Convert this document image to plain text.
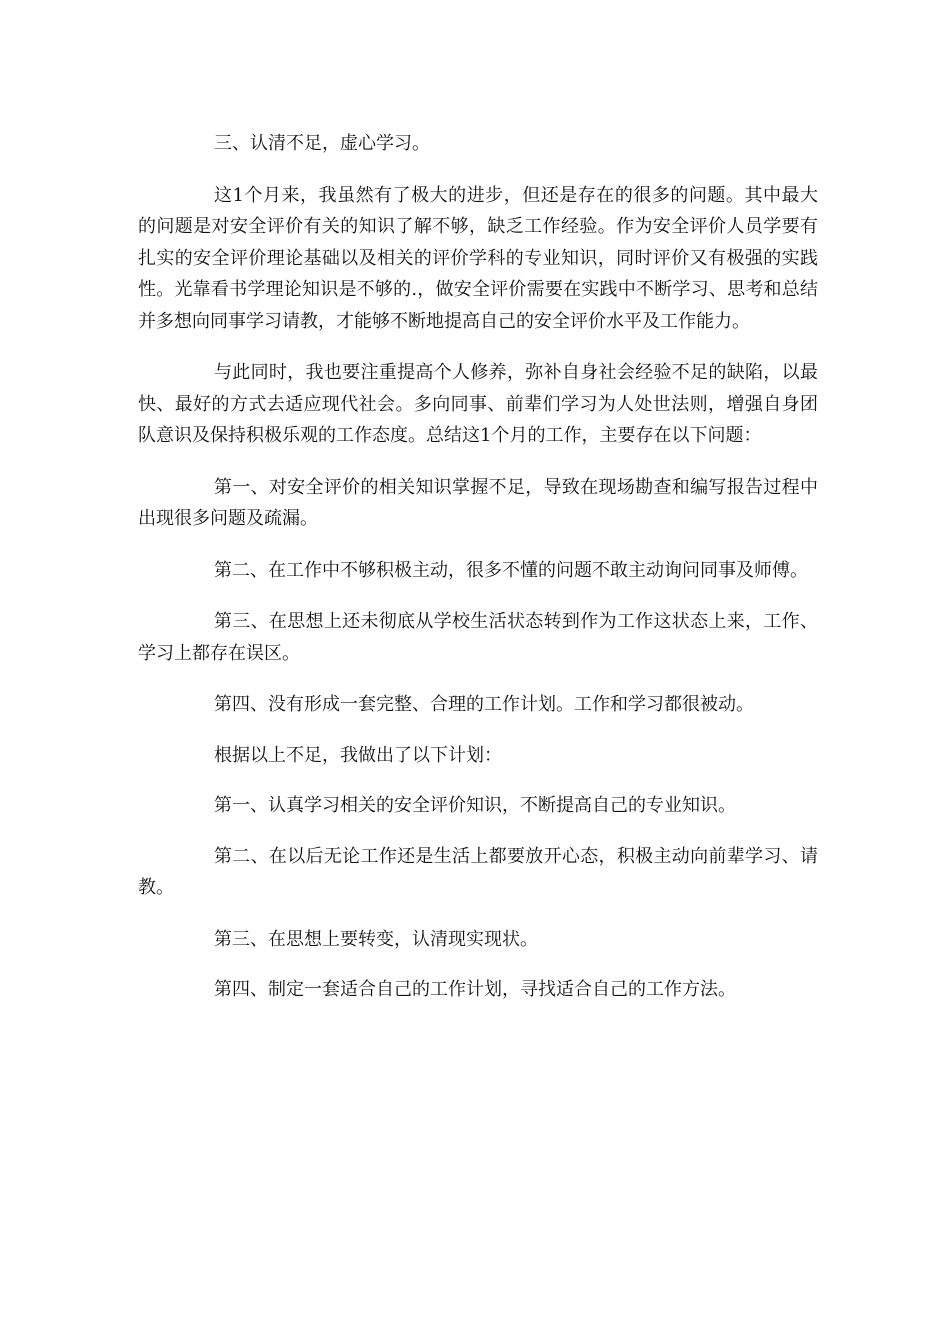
三、认清不足，虚心学习。

这1个月来，我虽然有了极大的进步，但还是存在的很多的问题。其中最大的问题是对安全评价有关的知识了解不够，缺乏工作经验。作为安全评价人员学要有扎实的安全评价理论基础以及相关的评价学科的专业知识，同时评价又有极强的实践性。光靠看书学理论知识是不够的.，做安全评价需要在实践中不断学习、思考和总结并多想向同事学习请教，才能够不断地提高自己的安全评价水平及工作能力。

与此同时，我也要注重提高个人修养，弥补自身社会经验不足的缺陷，以最快、最好的方式去适应现代社会。多向同事、前辈们学习为人处世法则，增强自身团队意识及保持积极乐观的工作态度。总结这1个月的工作，主要存在以下问题：

第一、对安全评价的相关知识掌握不足，导致在现场勘查和编写报告过程中出现很多问题及疏漏。

第二、在工作中不够积极主动，很多不懂的问题不敢主动询问同事及师傅。

第三、在思想上还未彻底从学校生活状态转到作为工作这状态上来，工作、学习上都存在误区。

第四、没有形成一套完整、合理的工作计划。工作和学习都很被动。

根据以上不足，我做出了以下计划：

第一、认真学习相关的安全评价知识，不断提高自己的专业知识。

第二、在以后无论工作还是生活上都要放开心态，积极主动向前辈学习、请教。

第三、在思想上要转变，认清现实现状。

第四、制定一套适合自己的工作计划，寻找适合自己的工作方法。
